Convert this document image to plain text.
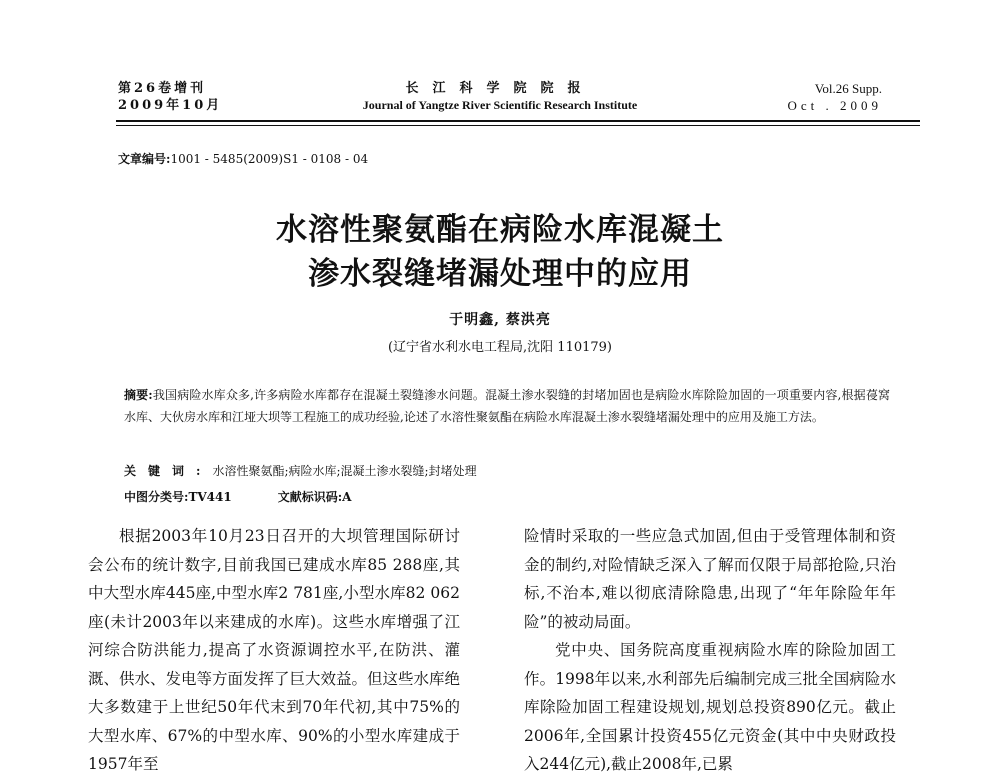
第26卷增刊
2009年10月
长江科学院院报
Journal of Yangtze River Scientific Research Institute
Vol.26 Supp.
Oct . 2009
文章编号:1001 - 5485(2009)S1 - 0108 - 04
水溶性聚氨酯在病险水库混凝土
渗水裂缝堵漏处理中的应用
于明鑫, 蔡洪亮
(辽宁省水利水电工程局,沈阳 110179)
摘要:我国病险水库众多,许多病险水库都存在混凝土裂缝渗水问题。混凝土渗水裂缝的封堵加固也是病险水库除险加固的一项重要内容,根据葠窝水库、大伙房水库和江垭大坝等工程施工的成功经验,论述了水溶性聚氨酯在病险水库混凝土渗水裂缝堵漏处理中的应用及施工方法。
关键词:水溶性聚氨酯;病险水库;混凝土渗水裂缝;封堵处理
中图分类号:TV441	文献标识码:A

根据2003年10月23日召开的大坝管理国际研讨会公布的统计数字,目前我国已建成水库85 288座,其中大型水库445座,中型水库2 781座,小型水库82 062座(未计2003年以来建成的水库)。这些水库增强了江河综合防洪能力,提高了水资源调控水平,在防洪、灌溉、供水、发电等方面发挥了巨大效益。但这些水库绝大多数建于上世纪50年代末到70年代初,其中75%的大型水库、67%的中型水库、90%的小型水库建成于1957年至

险情时采取的一些应急式加固,但由于受管理体制和资金的制约,对险情缺乏深入了解而仅限于局部抢险,只治标,不治本,难以彻底清除隐患,出现了“年年除险年年险”的被动局面。

党中央、国务院高度重视病险水库的除险加固工作。1998年以来,水利部先后编制完成三批全国病险水库除险加固工程建设规划,规划总投资890亿元。截止2006年,全国累计投资455亿元资金(其中中央财政投入244亿元),截止2008年,已累
